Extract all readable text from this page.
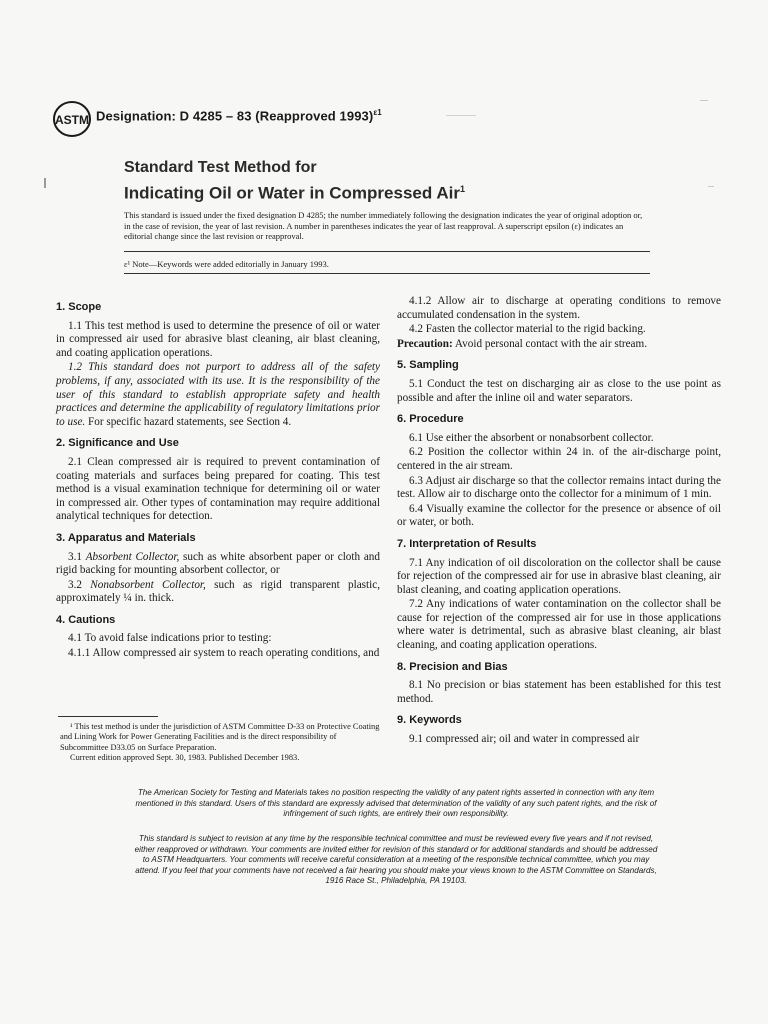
ASTM Designation: D 4285 – 83 (Reapproved 1993)$^{\varepsilon 1}$
Standard Test Method for
Indicating Oil or Water in Compressed Air$^1$
This standard is issued under the fixed designation D 4285; the number immediately following the designation indicates the year of original adoption or, in the case of revision, the year of last revision. A number in parentheses indicates the year of last reapproval. A superscript epsilon (ε) indicates an editorial change since the last revision or reapproval.
ε¹ Note—Keywords were added editorially in January 1993.
1. Scope

1.1 This test method is used to determine the presence of oil or water in compressed air used for abrasive blast cleaning, air blast cleaning, and coating application operations.

1.2 This standard does not purport to address all of the safety problems, if any, associated with its use. It is the responsibility of the user of this standard to establish appropriate safety and health practices and determine the applicability of regulatory limitations prior to use. For specific hazard statements, see Section 4.

2. Significance and Use

2.1 Clean compressed air is required to prevent contamination of coating materials and surfaces being prepared for coating. This test method is a visual examination technique for determining oil or water in compressed air. Other types of contamination may require additional analytical techniques for detection.

3. Apparatus and Materials

3.1 Absorbent Collector, such as white absorbent paper or cloth and rigid backing for mounting absorbent collector, or

3.2 Nonabsorbent Collector, such as rigid transparent plastic, approximately ¼ in. thick.

4. Cautions

4.1 To avoid false indications prior to testing:

4.1.1 Allow compressed air system to reach operating conditions, and

¹ This test method is under the jurisdiction of ASTM Committee D-33 on Protective Coating and Lining Work for Power Generating Facilities and is the direct responsibility of Subcommittee D33.05 on Surface Preparation.

Current edition approved Sept. 30, 1983. Published December 1983.

4.1.2 Allow air to discharge at operating conditions to remove accumulated condensation in the system.

4.2 Fasten the collector material to the rigid backing.

Precaution: Avoid personal contact with the air stream.

5. Sampling

5.1 Conduct the test on discharging air as close to the use point as possible and after the inline oil and water separators.

6. Procedure

6.1 Use either the absorbent or nonabsorbent collector.

6.2 Position the collector within 24 in. of the air-discharge point, centered in the air stream.

6.3 Adjust air discharge so that the collector remains intact during the test. Allow air to discharge onto the collector for a minimum of 1 min.

6.4 Visually examine the collector for the presence or absence of oil or water, or both.

7. Interpretation of Results

7.1 Any indication of oil discoloration on the collector shall be cause for rejection of the compressed air for use in abrasive blast cleaning, air blast cleaning, and coating application operations.

7.2 Any indications of water contamination on the collector shall be cause for rejection of the compressed air for use in those applications where water is detrimental, such as abrasive blast cleaning, air blast cleaning, and coating application operations.

8. Precision and Bias

8.1 No precision or bias statement has been established for this test method.

9. Keywords

9.1 compressed air; oil and water in compressed air

The American Society for Testing and Materials takes no position respecting the validity of any patent rights asserted in connection with any item mentioned in this standard. Users of this standard are expressly advised that determination of the validity of any such patent rights, and the risk of infringement of such rights, are entirely their own responsibility.
This standard is subject to revision at any time by the responsible technical committee and must be reviewed every five years and if not revised, either reapproved or withdrawn. Your comments are invited either for revision of this standard or for additional standards and should be addressed to ASTM Headquarters. Your comments will receive careful consideration at a meeting of the responsible technical committee, which you may attend. If you feel that your comments have not received a fair hearing you should make your views known to the ASTM Committee on Standards, 1916 Race St., Philadelphia, PA 19103.
